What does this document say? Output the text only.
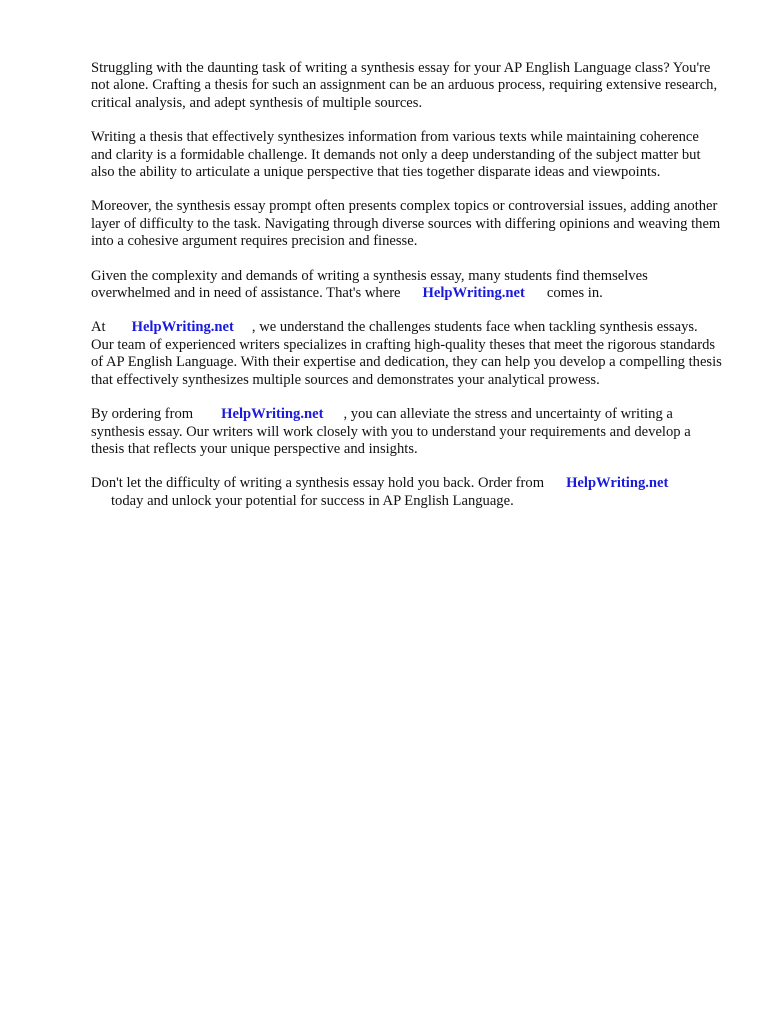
Struggling with the daunting task of writing a synthesis essay for your AP English Language class? You're not alone. Crafting a thesis for such an assignment can be an arduous process, requiring extensive research, critical analysis, and adept synthesis of multiple sources.

Writing a thesis that effectively synthesizes information from various texts while maintaining coherence and clarity is a formidable challenge. It demands not only a deep understanding of the subject matter but also the ability to articulate a unique perspective that ties together disparate ideas and viewpoints.

Moreover, the synthesis essay prompt often presents complex topics or controversial issues, adding another layer of difficulty to the task. Navigating through diverse sources with differing opinions and weaving them into a cohesive argument requires precision and finesse.

Given the complexity and demands of writing a synthesis essay, many students find themselves overwhelmed and in need of assistance. That's where HelpWriting.net comes in.

At HelpWriting.net , we understand the challenges students face when tackling synthesis essays. Our team of experienced writers specializes in crafting high-quality theses that meet the rigorous standards of AP English Language. With their expertise and dedication, they can help you develop a compelling thesis that effectively synthesizes multiple sources and demonstrates your analytical prowess.

By ordering from HelpWriting.net , you can alleviate the stress and uncertainty of writing a synthesis essay. Our writers will work closely with you to understand your requirements and develop a thesis that reflects your unique perspective and insights.

Don't let the difficulty of writing a synthesis essay hold you back. Order from HelpWriting.net
today and unlock your potential for success in AP English Language.
